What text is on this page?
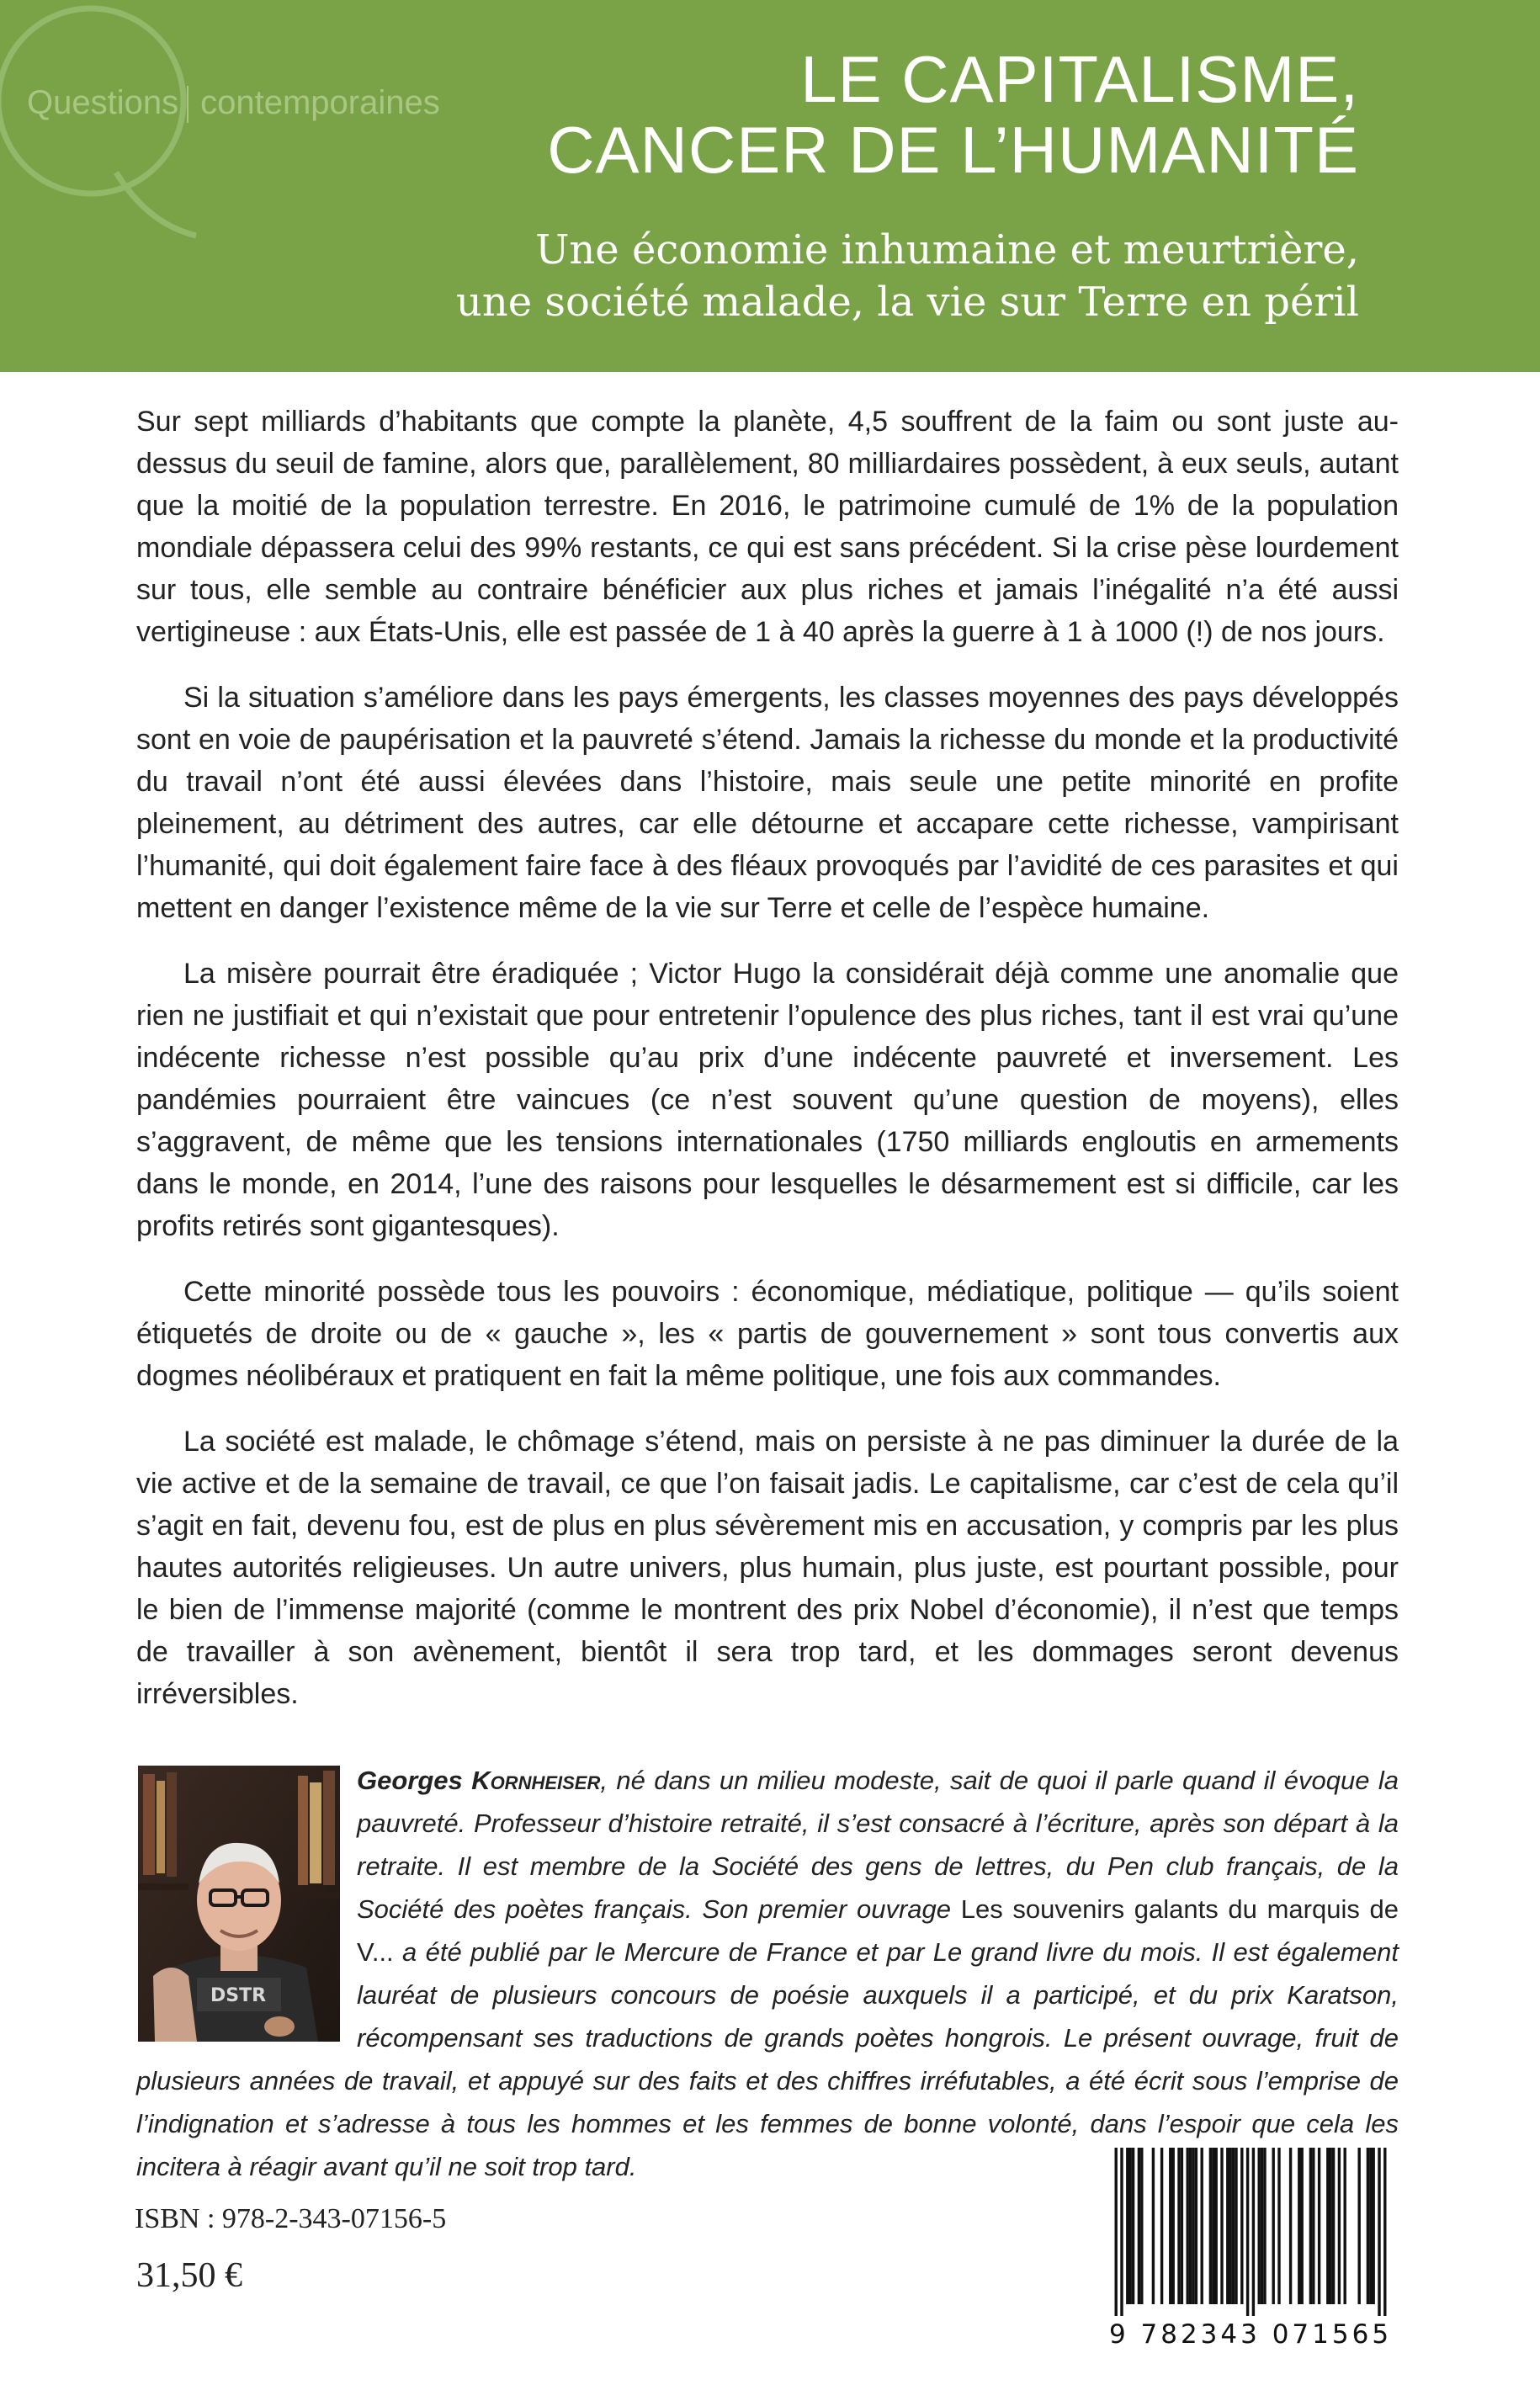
Questions contemporaines	LE CAPITALISME,
CANCER DE L’HUMANITÉ
Une économie inhumaine et meurtrière,
une société malade, la vie sur Terre en péril

Sur sept milliards d’habitants que compte la planète, 4,5 souffrent de la faim ou sont juste au-dessus du seuil de famine, alors que, parallèlement, 80 milliardaires possèdent, à eux seuls, autant que la moitié de la population terrestre. En 2016, le patrimoine cumulé de 1% de la population mondiale dépassera celui des 99% restants, ce qui est sans précédent. Si la crise pèse lourdement sur tous, elle semble au contraire bénéficier aux plus riches et jamais l’inégalité n’a été aussi vertigineuse : aux États-Unis, elle est passée de 1 à 40 après la guerre à 1 à 1000 (!) de nos jours.

Si la situation s’améliore dans les pays émergents, les classes moyennes des pays développés sont en voie de paupérisation et la pauvreté s’étend. Jamais la richesse du monde et la productivité du travail n’ont été aussi élevées dans l’histoire, mais seule une petite minorité en profite pleinement, au détriment des autres, car elle détourne et accapare cette richesse, vampirisant l’humanité, qui doit également faire face à des fléaux provoqués par l’avidité de ces parasites et qui mettent en danger l’existence même de la vie sur Terre et celle de l’espèce humaine.

La misère pourrait être éradiquée ; Victor Hugo la considérait déjà comme une anomalie que rien ne justifiait et qui n’existait que pour entretenir l’opulence des plus riches, tant il est vrai qu’une indécente richesse n’est possible qu’au prix d’une indécente pauvreté et inversement. Les pandémies pourraient être vaincues (ce n’est souvent qu’une question de moyens), elles s’aggravent, de même que les tensions internationales (1750 milliards engloutis en armements dans le monde, en 2014, l’une des raisons pour lesquelles le désarmement est si difficile, car les profits retirés sont gigantesques).

Cette minorité possède tous les pouvoirs : économique, médiatique, politique — qu’ils soient étiquetés de droite ou de « gauche », les « partis de gouvernement » sont tous convertis aux dogmes néolibéraux et pratiquent en fait la même politique, une fois aux commandes.

La société est malade, le chômage s’étend, mais on persiste à ne pas diminuer la durée de la vie active et de la semaine de travail, ce que l’on faisait jadis. Le capitalisme, car c’est de cela qu’il s’agit en fait, devenu fou, est de plus en plus sévèrement mis en accusation, y compris par les plus hautes autorités religieuses. Un autre univers, plus humain, plus juste, est pourtant possible, pour le bien de l’immense majorité (comme le montrent des prix Nobel d’économie), il n’est que temps de travailler à son avènement, bientôt il sera trop tard, et les dommages seront devenus irréversibles.

DSTR
Georges Kornheiser, né dans un milieu modeste, sait de quoi il parle quand il évoque la pauvreté. Professeur d’histoire retraité, il s’est consacré à l’écriture, après son départ à la retraite. Il est membre de la Société des gens de lettres, du Pen club français, de la Société des poètes français. Son premier ouvrage Les souvenirs galants du marquis de V... a été publié par le Mercure de France et par Le grand livre du mois. Il est également lauréat de plusieurs concours de poésie auxquels il a participé, et du prix Karatson, récompensant ses traductions de grands poètes hongrois. Le présent ouvrage, fruit de plusieurs années de travail, et appuyé sur des faits et des chiffres irréfutables, a été écrit sous l’emprise de l’indignation et s’adresse à tous les hommes et les femmes de bonne volonté, dans l’espoir que cela les incitera à réagir avant qu’il ne soit trop tard.
ISBN : 978-2-343-07156-5
31,50 €
9 782343 071565
